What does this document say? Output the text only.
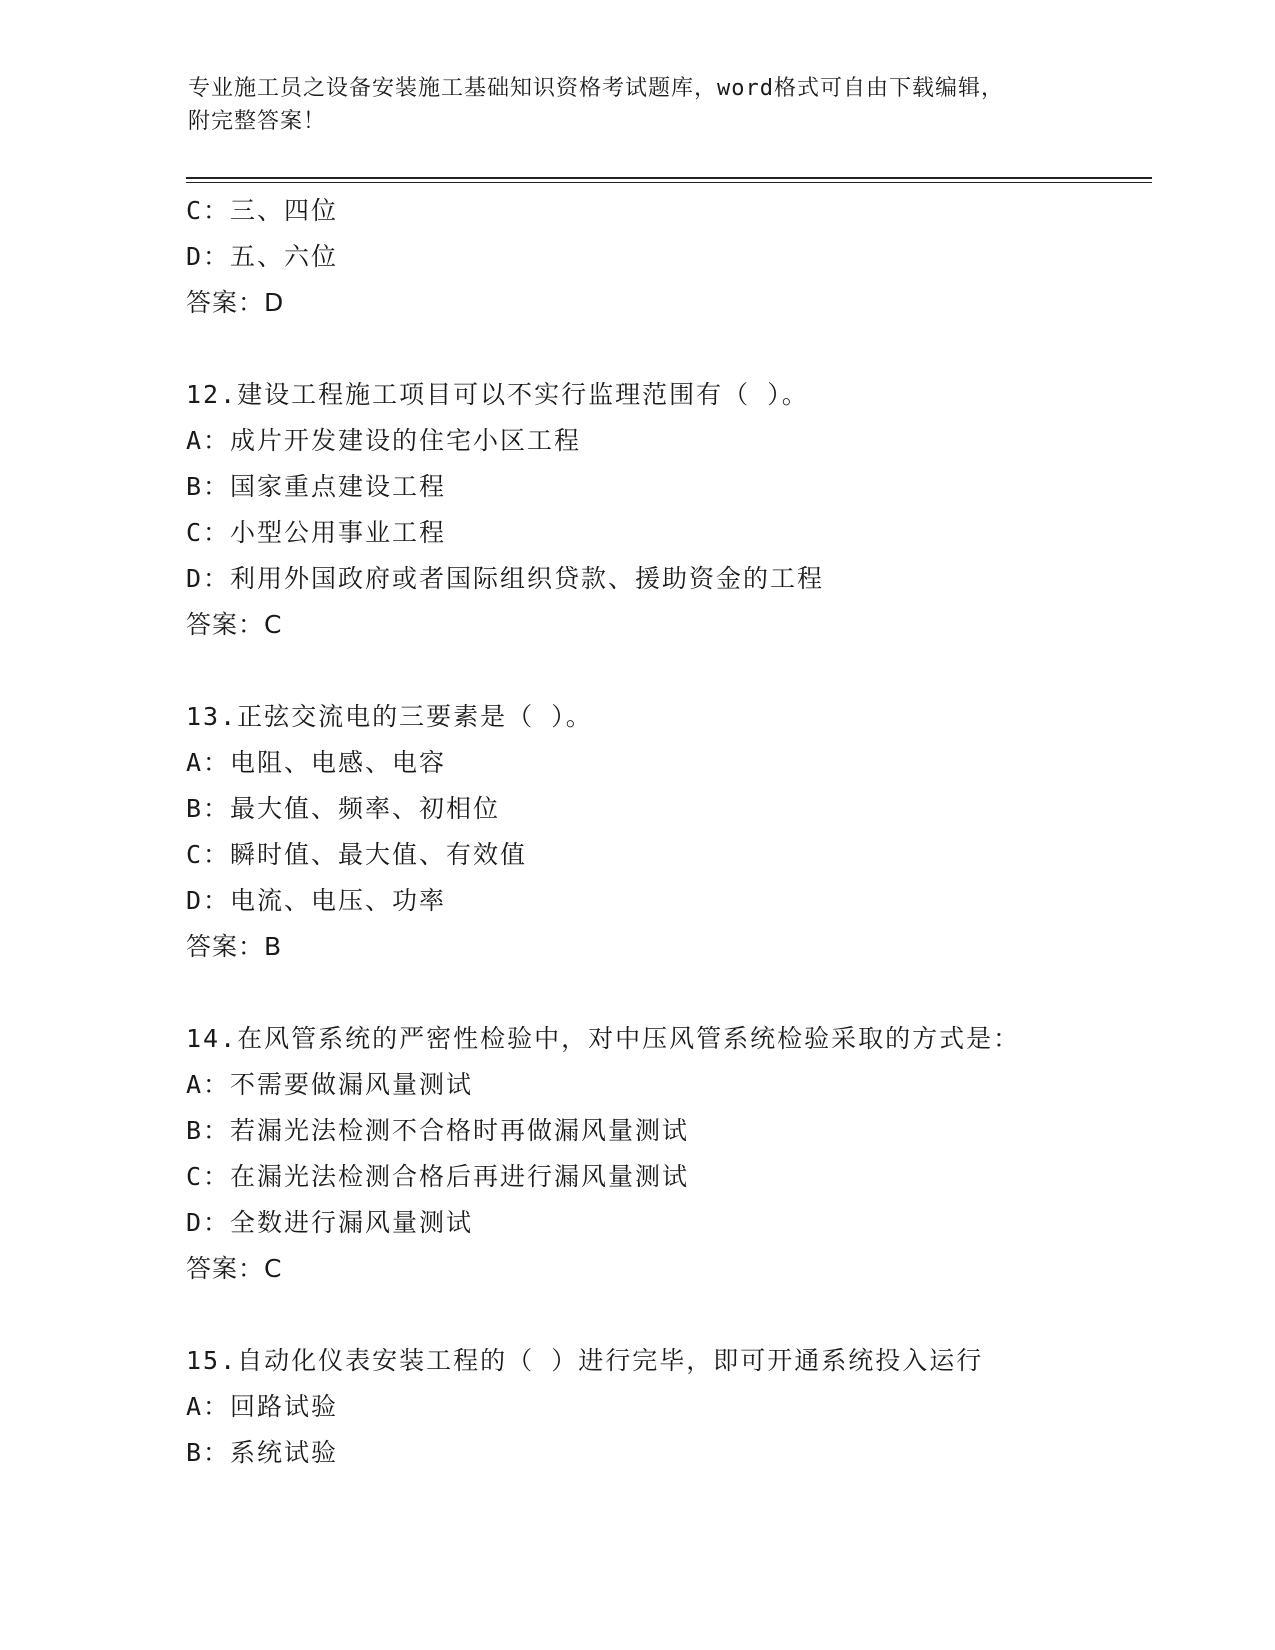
专业施工员之设备安装施工基础知识资格考试题库，word格式可自由下载编辑，
附完整答案！
C：三、四位
D：五、六位
答案：D
12.建设工程施工项目可以不实行监理范围有（ ）。
A：成片开发建设的住宅小区工程
B：国家重点建设工程
C：小型公用事业工程
D：利用外国政府或者国际组织贷款、援助资金的工程
答案：C
13.正弦交流电的三要素是（ ）。
A：电阻、电感、电容
B：最大值、频率、初相位
C：瞬时值、最大值、有效值
D：电流、电压、功率
答案：B
14.在风管系统的严密性检验中，对中压风管系统检验采取的方式是：
A：不需要做漏风量测试
B：若漏光法检测不合格时再做漏风量测试
C：在漏光法检测合格后再进行漏风量测试
D：全数进行漏风量测试
答案：C
15.自动化仪表安装工程的（ ）进行完毕，即可开通系统投入运行
A：回路试验
B：系统试验
